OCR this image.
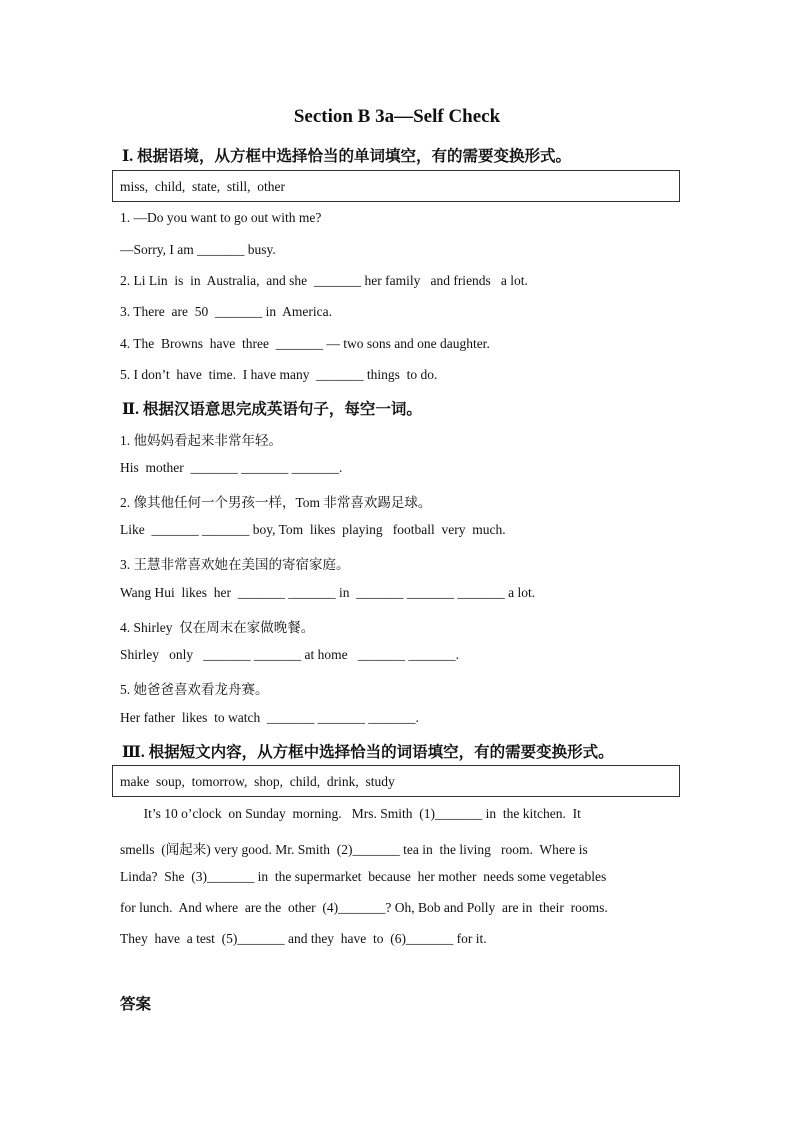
Section B 3a—Self Check
Ⅰ. 根据语境，从方框中选择恰当的单词填空，有的需要变换形式。
miss,  child,  state,  still,  other
1. —Do you want to go out with me?
—Sorry, I am _______ busy.
2. Li Lin  is  in  Australia,  and she  _______ her family   and friends   a lot.
3. There  are  50  _______ in  America.
4. The  Browns  have  three  _______ — two sons and one daughter.
5. I don’t  have  time.  I have many  _______ things  to do.
Ⅱ. 根据汉语意思完成英语句子，每空一词。
1. 他妈妈看起来非常年轻。
His  mother  _______ _______ _______.
2. 像其他任何一个男孩一样，Tom 非常喜欢踢足球。
Like  _______ _______ boy, Tom  likes  playing   football  very  much.
3. 王慧非常喜欢她在美国的寄宿家庭。
Wang Hui  likes  her  _______ _______ in  _______ _______ _______ a lot.
4. Shirley  仅在周末在家做晚餐。
Shirley   only   _______ _______ at home   _______ _______.
5. 她爸爸喜欢看龙舟赛。
Her father  likes  to watch  _______ _______ _______.
Ⅲ. 根据短文内容，从方框中选择恰当的词语填空，有的需要变换形式。
make  soup,  tomorrow,  shop,  child,  drink,  study
It’s 10 o’clock  on Sunday  morning.   Mrs. Smith  (1)_______ in  the kitchen.  It
smells  (闻起来) very good. Mr. Smith  (2)_______ tea in  the living   room.  Where is
Linda?  She  (3)_______ in  the supermarket  because  her mother  needs some vegetables
for lunch.  And where  are the  other  (4)_______? Oh, Bob and Polly  are in  their  rooms.
They  have  a test  (5)_______ and they  have  to  (6)_______ for it.
答案
